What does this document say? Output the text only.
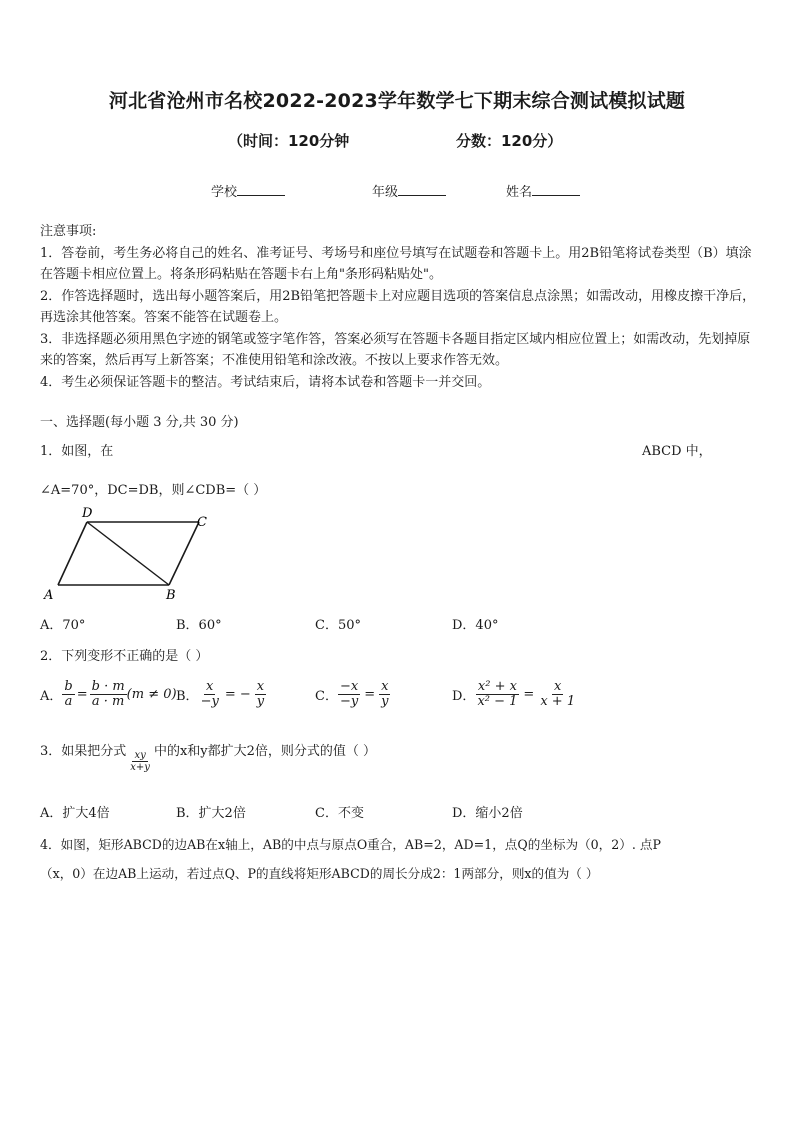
河北省沧州市名校2022-2023学年数学七下期末综合测试模拟试题
（时间：120分钟	分数：120分）
学校	年级	姓名

注意事项:

1．答卷前，考生务必将自己的姓名、准考证号、考场号和座位号填写在试题卷和答题卡上。用2B铅笔将试卷类型（B）填涂在答题卡相应位置上。将条形码粘贴在答题卡右上角"条形码粘贴处"。

2．作答选择题时，选出每小题答案后，用2B铅笔把答题卡上对应题目选项的答案信息点涂黑；如需改动，用橡皮擦干净后，再选涂其他答案。答案不能答在试题卷上。

3．非选择题必须用黑色字迹的钢笔或签字笔作答，答案必须写在答题卡各题目指定区域内相应位置上；如需改动，先划掉原来的答案，然后再写上新答案；不准使用铅笔和涂改液。不按以上要求作答无效。

4．考生必须保证答题卡的整洁。考试结束后，请将本试卷和答题卡一并交回。

一、选择题(每小题 3 分,共 30 分)
1．如图，在	ABCD 中，
∠A=70°，DC=DB，则∠CDB=（ ）
D
C
A	B
A．70°	B．60°	C．50°	D．40°
2．下列变形不正确的是（ ）
A． $\frac{b}{a} = \frac{b \cdot m}{a \cdot m} (m \ne 0)$ B． $\frac{x}{-y}$ = − $\frac{x}{y}$	C． $\frac{-x}{-y} = \frac{x}{y}$	D． $\frac{\text{x² + x}}{\text{x² − 1}} = \frac{x}{x + 1}$
3．如果把分式 $\frac{xy}{x+y}$ 中的x和y都扩大2倍，则分式的值（ ）
A．扩大4倍	B．扩大2倍	C．不变	D．缩小2倍
4．如图，矩形ABCD的边AB在x轴上，AB的中点与原点O重合，AB=2，AD=1，点Q的坐标为（0，2）. 点P
（x，0）在边AB上运动，若过点Q、P的直线将矩形ABCD的周长分成2：1两部分，则x的值为（ ）
